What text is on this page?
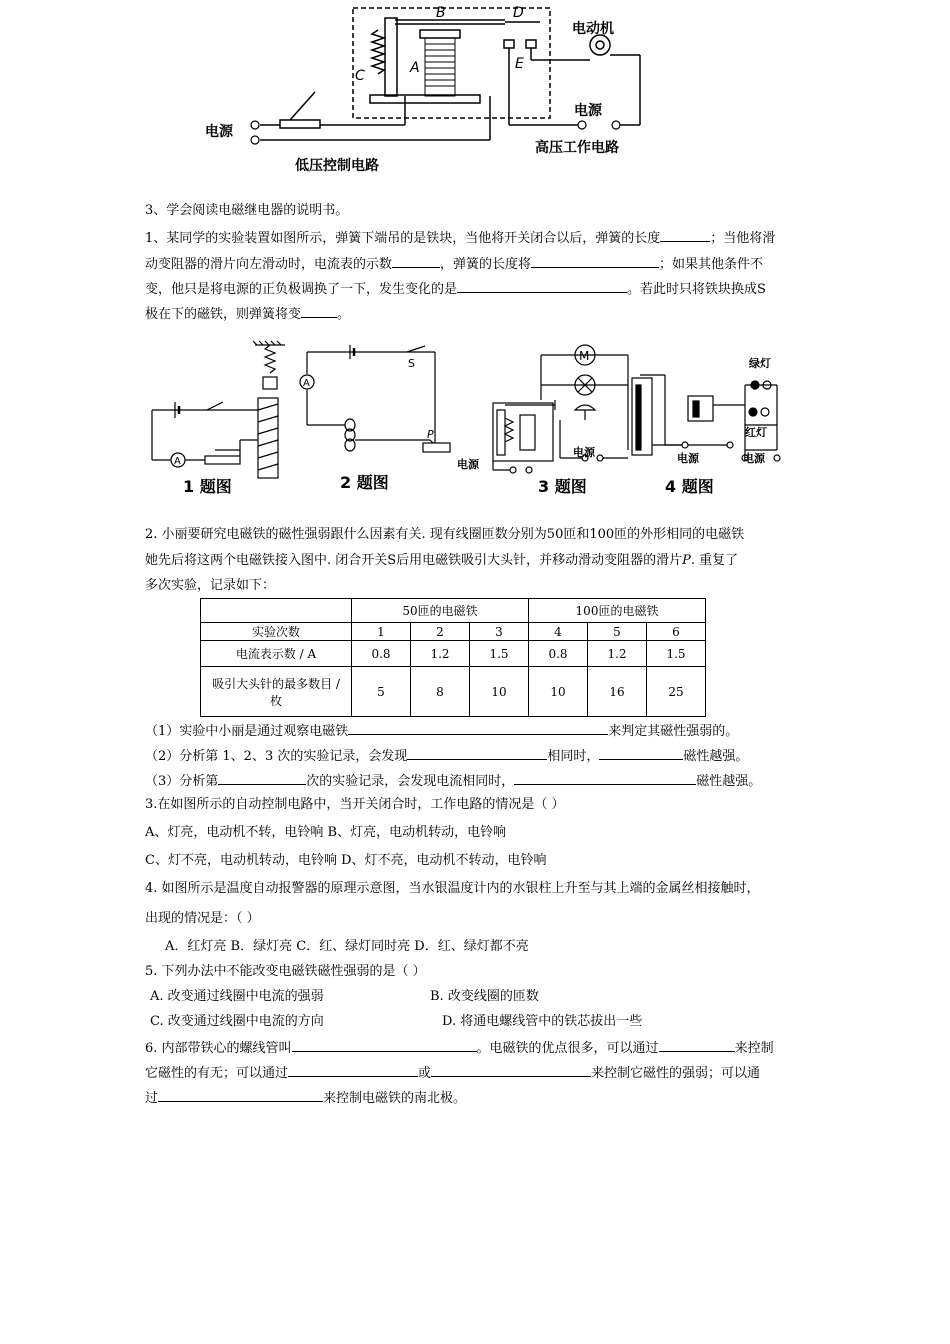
B	D
C	A	E
电动机
电源
电源
低压控制电路
高压工作电路
3、学会阅读电磁继电器的说明书。
1、某同学的实验装置如图所示，弹簧下端吊的是铁块，当他将开关闭合以后，弹簧的长度	；当他将滑
动变阻器的滑片向左滑动时，电流表的示数	，弹簧的长度将	；如果其他条件不
变，他只是将电源的正负极调换了一下，发生变化的是	。若此时只将铁块换成S
极在下的磁铁，则弹簧将变	。
A
A
S
P
M
电源
电源
绿灯
红灯
电源	电源
1 题图	2 题图	3 题图	4 题图
2. 小丽要研究电磁铁的磁性强弱跟什么因素有关. 现有线圈匝数分别为50匝和100匝的外形相同的电磁铁
她先后将这两个电磁铁接入图中. 闭合开关S后用电磁铁吸引大头针，并移动滑动变阻器的滑片P. 重复了
多次实验，记录如下：
	50匝的电磁铁			100匝的电磁铁		
实验次数	1	2	3	4	5	6
电流表示数 / A	0.8	1.2	1.5	0.8	1.2	1.5
吸引大头针的最多数目 / 枚	5	8	10	10	16	25
（1）实验中小丽是通过观察电磁铁	来判定其磁性强弱的。
（2）分析第 1、2、3 次的实验记录，会发现	相同时，	磁性越强。
（3）分析第	次的实验记录，会发现电流相同时，	磁性越强。
3.在如图所示的自动控制电路中，当开关闭合时，工作电路的情况是（ ）
A、灯亮，电动机不转，电铃响 B、灯亮，电动机转动，电铃响
C、灯不亮，电动机转动，电铃响 D、灯不亮，电动机不转动，电铃响
4. 如图所示是温度自动报警器的原理示意图，当水银温度计内的水银柱上升至与其上端的金属丝相接触时，
出现的情况是：（ ）
A．红灯亮 B．绿灯亮 C．红、绿灯同时亮 D．红、绿灯都不亮
5. 下列办法中不能改变电磁铁磁性强弱的是（ ）
A. 改变通过线圈中电流的强弱	B. 改变线圈的匝数
C. 改变通过线圈中电流的方向	D. 将通电螺线管中的铁芯拔出一些
6. 内部带铁心的螺线管叫	。电磁铁的优点很多，可以通过	来控制
它磁性的有无；可以通过	或	来控制它磁性的强弱；可以通
过	来控制电磁铁的南北极。
